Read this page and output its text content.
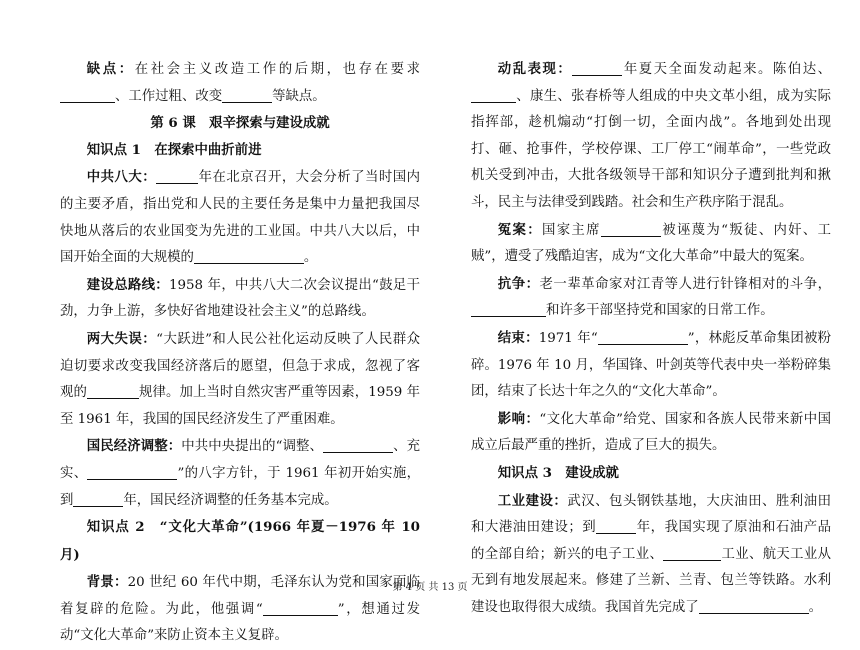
缺点：在社会主义改造工作的后期，也存在要求、工作过粗、改变	等缺点。

第 6 课　艰辛探索与建设成就

知识点 1　在探索中曲折前进

中共八大：	年在北京召开，大会分析了当时国内的主要矛盾，指出党和人民的主要任务是集中力量把我国尽快地从落后的农业国变为先进的工业国。中共八大以后，中国开始全面的大规模的	。

建设总路线：1958 年，中共八大二次会议提出“鼓足干劲，力争上游，多快好省地建设社会主义”的总路线。

两大失误：“大跃进”和人民公社化运动反映了人民群众迫切要求改变我国经济落后的愿望，但急于求成，忽视了客观的	规律。加上当时自然灾害严重等因素，1959 年至 1961 年，我国的国民经济发生了严重困难。

国民经济调整：中共中央提出的“调整、	、充实、	”的八字方针，于 1961 年初开始实施，到	年，国民经济调整的任务基本完成。

知识点 2　“文化大革命”(1966 年夏－1976 年 10 月)

背景：20 世纪 60 年代中期，毛泽东认为党和国家面临着复辟的危险。为此，他强调“	”，想通过发动“文化大革命”来防止资本主义复辟。

动乱表现：	年夏天全面发动起来。陈伯达、、康生、张春桥等人组成的中央文革小组，成为实际指挥部，趁机煽动“打倒一切，全面内战”。各地到处出现打、砸、抢事件，学校停课、工厂停工“闹革命”，一些党政机关受到冲击，大批各级领导干部和知识分子遭到批判和揪斗，民主与法律受到践踏。社会和生产秩序陷于混乱。

冤案：国家主席	被诬蔑为“叛徒、内奸、工贼”，遭受了残酷迫害，成为“文化大革命”中最大的冤案。

抗争：老一辈革命家对江青等人进行针锋相对的斗争，和许多干部坚持党和国家的日常工作。

结束：1971 年“	”，林彪反革命集团被粉碎。1976 年 10 月，华国锋、叶剑英等代表中央一举粉碎集团，结束了长达十年之久的“文化大革命”。

影响：“文化大革命”给党、国家和各族人民带来新中国成立后最严重的挫折，造成了巨大的损失。

知识点 3　建设成就

工业建设：武汉、包头钢铁基地，大庆油田、胜利油田和大港油田建设；到	年，我国实现了原油和石油产品的全部自给；新兴的电子工业、	工业、航天工业从无到有地发展起来。修建了兰新、兰青、包兰等铁路。水利建设也取得很大成绩。我国首先完成了	。

第 4 页 共 13 页
